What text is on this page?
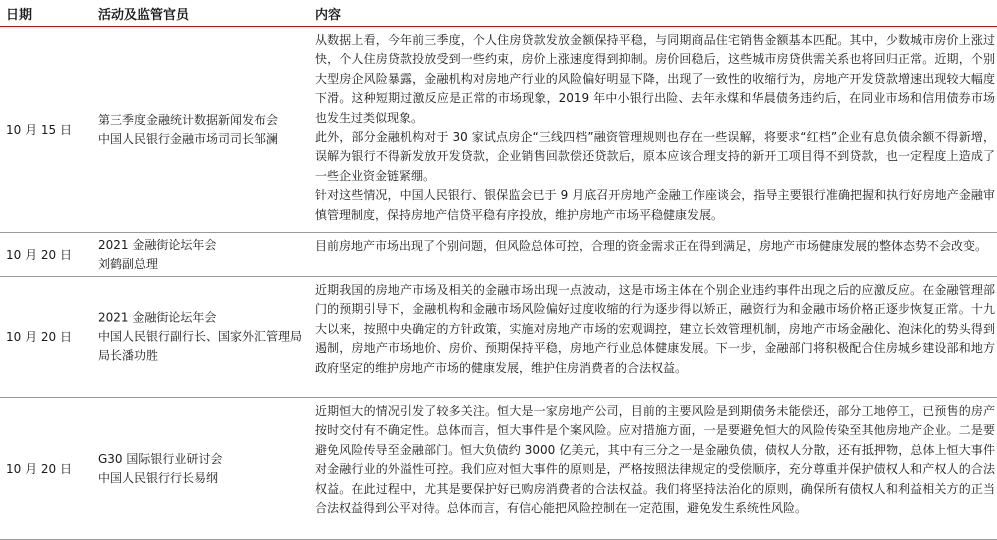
日期	活动及监管官员	内容
10 月 15 日
第三季度金融统计数据新闻发布会
中国人民银行金融市场司司长邹澜

从数据上看，今年前三季度，个人住房贷款发放金额保持平稳，与同期商品住宅销售金额基本匹配。其中，少数城市房价上涨过快，个人住房贷款投放受到一些约束，房价上涨速度得到抑制。房价回稳后，这些城市房贷供需关系也将回归正常。近期，个别大型房企风险暴露，金融机构对房地产行业的风险偏好明显下降，出现了一致性的收缩行为，房地产开发贷款增速出现较大幅度下滑。这种短期过激反应是正常的市场现象，2019 年中小银行出险、去年永煤和华晨债务违约后，在同业市场和信用债券市场也发生过类似现象。

此外，部分金融机构对于 30 家试点房企“三线四档”融资管理规则也存在一些误解，将要求“红档”企业有息负债余额不得新增，误解为银行不得新发放开发贷款，企业销售回款偿还贷款后，原本应该合理支持的新开工项目得不到贷款，也一定程度上造成了一些企业资金链紧绷。

针对这些情况，中国人民银行、银保监会已于 9 月底召开房地产金融工作座谈会，指导主要银行准确把握和执行好房地产金融审慎管理制度，保持房地产信贷平稳有序投放，维护房地产市场平稳健康发展。

10 月 20 日
2021 金融街论坛年会
刘鹤副总理

目前房地产市场出现了个别问题，但风险总体可控，合理的资金需求正在得到满足，房地产市场健康发展的整体态势不会改变。

10 月 20 日
2021 金融街论坛年会
中国人民银行副行长、国家外汇管理局局长潘功胜

近期我国的房地产市场及相关的金融市场出现一点波动，这是市场主体在个别企业违约事件出现之后的应激反应。在金融管理部门的预期引导下，金融机构和金融市场风险偏好过度收缩的行为逐步得以矫正，融资行为和金融市场价格正逐步恢复正常。十九大以来，按照中央确定的方针政策，实施对房地产市场的宏观调控，建立长效管理机制，房地产市场金融化、泡沫化的势头得到遏制，房地产市场地价、房价、预期保持平稳，房地产行业总体健康发展。下一步，金融部门将积极配合住房城乡建设部和地方政府坚定的维护房地产市场的健康发展，维护住房消费者的合法权益。

10 月 20 日
G30 国际银行业研讨会
中国人民银行行长易纲

近期恒大的情况引发了较多关注。恒大是一家房地产公司，目前的主要风险是到期债务未能偿还，部分工地停工，已预售的房产按时交付有不确定性。总体而言，恒大事件是个案风险。应对措施方面，一是要避免恒大的风险传染至其他房地产企业。二是要避免风险传导至金融部门。恒大负债约 3000 亿美元，其中有三分之一是金融负债，债权人分散，还有抵押物，总体上恒大事件对金融行业的外溢性可控。我们应对恒大事件的原则是，严格按照法律规定的受偿顺序，充分尊重并保护债权人和产权人的合法权益。在此过程中，尤其是要保护好已购房消费者的合法权益。我们将坚持法治化的原则，确保所有债权人和利益相关方的正当合法权益得到公平对待。总体而言，有信心能把风险控制在一定范围，避免发生系统性风险。
